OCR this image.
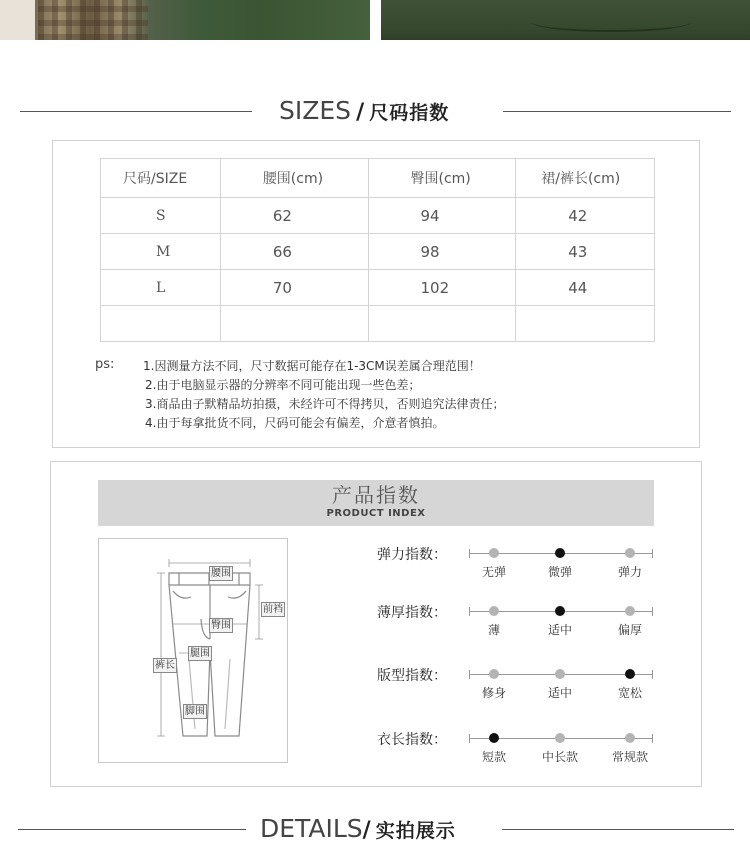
SIZES / 尺码指数
尺码/SIZE	腰围(cm)	臀围(cm)	裙/裤长(cm)
S	62	94	42
M	66	98	43
L	70	102	44

ps: 1.因测量方法不同，尺寸数据可能存在1-3CM误差属合理范围！
2.由于电脑显示器的分辨率不同可能出现一些色差；
3.商品由子默精品坊拍摄，未经许可不得拷贝，否则追究法律责任；
4.由于每拿批货不同，尺码可能会有偏差，介意者慎拍。
产品指数
PRODUCT INDEX
腰围
前裆
臀围
腿围
裤长
脚围
弹力指数：
无弹	微弹	弹力
薄厚指数：
薄	适中	偏厚
版型指数：
修身	适中	宽松
衣长指数：
短款	中长款	常规款
DETAILS/ 实拍展示
